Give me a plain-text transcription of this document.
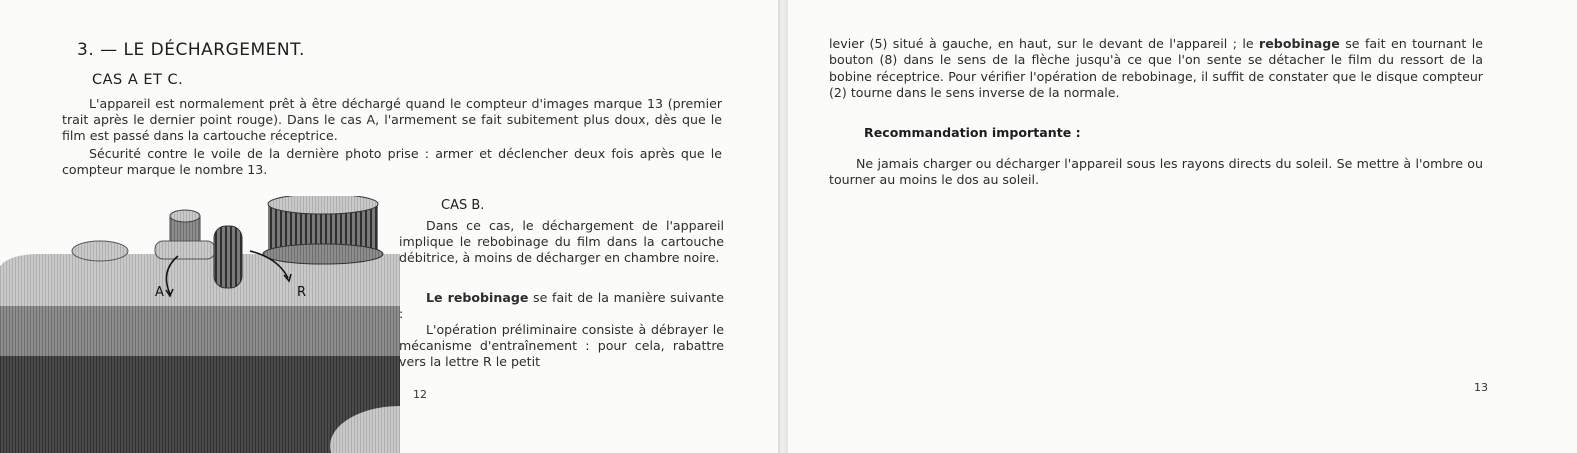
3. — LE DÉCHARGEMENT.
CAS A ET C.

L'appareil est normalement prêt à être déchargé quand le compteur d'images marque 13 (premier trait après le dernier point rouge). Dans le cas A, l'armement se fait subitement plus doux, dès que le film est passé dans la cartouche réceptrice.

Sécurité contre le voile de la dernière photo prise : armer et déclencher deux fois après que le compteur marque le nombre 13.

A	R
CAS B.

Dans ce cas, le déchargement de l'appareil implique le rebobinage du film dans la cartouche débitrice, à moins de décharger en chambre noire.

Le rebobinage se fait de la manière suivante :

L'opération préliminaire consiste à débrayer le mécanisme d'entraînement : pour cela, rabattre vers la lettre R le petit

12

levier (5) situé à gauche, en haut, sur le devant de l'appareil ; le rebobinage se fait en tournant le bouton (8) dans le sens de la flèche jusqu'à ce que l'on sente se détacher le film du ressort de la bobine réceptrice. Pour vérifier l'opération de rebobinage, il suffit de constater que le disque compteur (2) tourne dans le sens inverse de la normale.

Recommandation importante :

Ne jamais charger ou décharger l'appareil sous les rayons directs du soleil. Se mettre à l'ombre ou tourner au moins le dos au soleil.

13
